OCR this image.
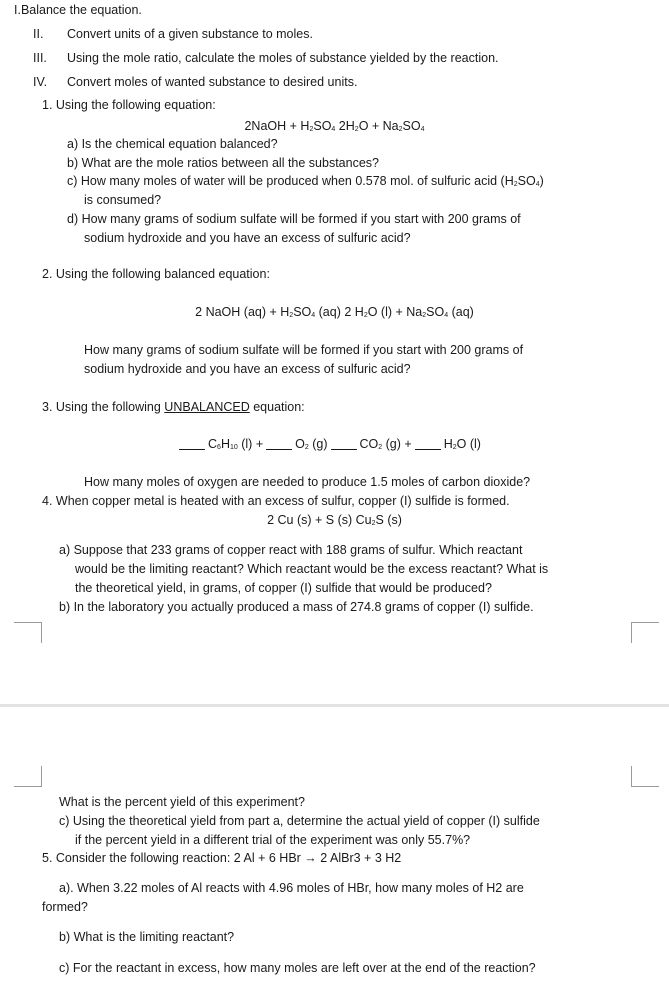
I.Balance the equation.
II. Convert units of a given substance to moles.
III. Using the mole ratio, calculate the moles of substance yielded by the reaction.
IV. Convert moles of wanted substance to desired units.
1. Using the following equation:
2NaOH + $H_2SO_4$ $2H_2O + Na_2SO_4$
a) Is the chemical equation balanced?
b) What are the mole ratios between all the substances?
c) How many moles of water will be produced when 0.578 mol. of sulfuric acid $(H_2SO_4)$
is consumed?
d) How many grams of sodium sulfate will be formed if you start with 200 grams of
sodium hydroxide and you have an excess of sulfuric acid?
2. Using the following balanced equation:
2 NaOH $(aq) + H_2SO_4$ (aq) 2 $H_2O$ $(l) + Na_2SO_4$ (aq)
How many grams of sodium sulfate will be formed if you start with 200 grams of
sodium hydroxide and you have an excess of sulfuric acid?
3. Using the following UNBALANCED equation:
$C_6H_{10}$ (l) +	$O_2$ (g)	$CO_2$ (g) +	$H_2O$ (l)
How many moles of oxygen are needed to produce 1.5 moles of carbon dioxide?
4. When copper metal is heated with an excess of sulfur, copper (I) sulfide is formed.
2 Cu (s) + S (s) $Cu_2S$ (s)
a) Suppose that 233 grams of copper react with 188 grams of sulfur. Which reactant
would be the limiting reactant? Which reactant would be the excess reactant? What is
the theoretical yield, in grams, of copper (I) sulfide that would be produced?
b) In the laboratory you actually produced a mass of 274.8 grams of copper (I) sulfide.
What is the percent yield of this experiment?
c) Using the theoretical yield from part a, determine the actual yield of copper (I) sulfide
if the percent yield in a different trial of the experiment was only 55.7%?
5. Consider the following reaction: 2 Al + 6 HBr → 2 AlBr3 + 3 H2
a). When 3.22 moles of Al reacts with 4.96 moles of HBr, how many moles of H2 are
formed?
b) What is the limiting reactant?
c) For the reactant in excess, how many moles are left over at the end of the reaction?
